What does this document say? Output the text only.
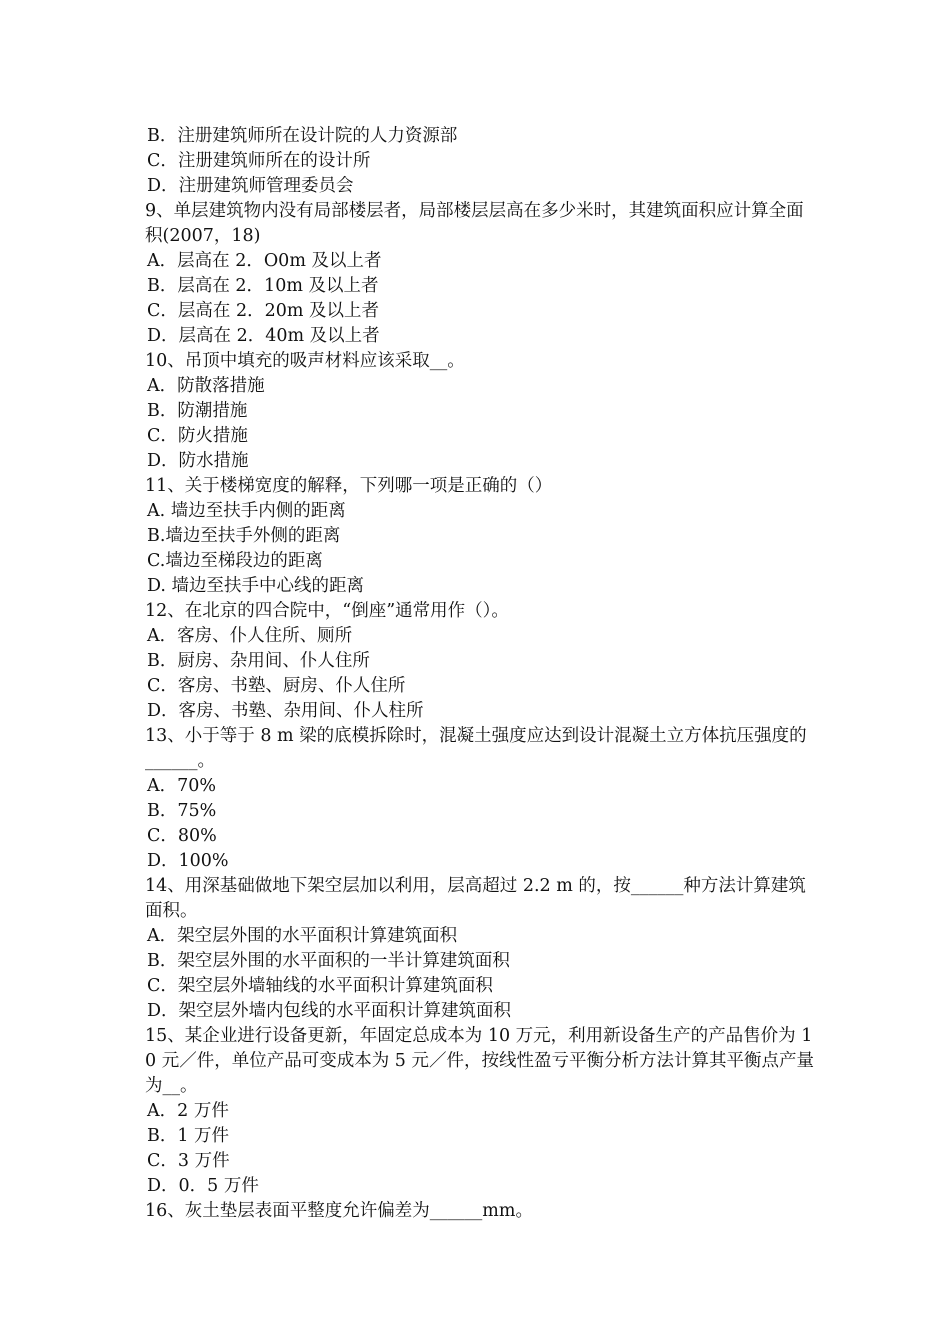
B．注册建筑师所在设计院的人力资源部
C．注册建筑师所在的设计所
D．注册建筑师管理委员会
9、单层建筑物内没有局部楼层者，局部楼层层高在多少米时，其建筑面积应计算全面积(2007，18)
A．层高在 2．O0m 及以上者
B．层高在 2．10m 及以上者
C．层高在 2．20m 及以上者
D．层高在 2．40m 及以上者
10、吊顶中填充的吸声材料应该采取__。
A．防散落措施
B．防潮措施
C．防火措施
D．防水措施
11、关于楼梯宽度的解释，下列哪一项是正确的（）
A. 墙边至扶手内侧的距离
B.墙边至扶手外侧的距离
C.墙边至梯段边的距离
D. 墙边至扶手中心线的距离
12、在北京的四合院中，“倒座”通常用作（）。
A．客房、仆人住所、厕所
B．厨房、杂用间、仆人住所
C．客房、书塾、厨房、仆人住所
D．客房、书塾、杂用间、仆人柱所
13、小于等于 8 m 梁的底模拆除时，混凝土强度应达到设计混凝土立方体抗压强度的______。
A．70%
B．75%
C．80%
D．100%
14、用深基础做地下架空层加以利用，层高超过 2.2 m 的，按______种方法计算建筑面积。
A．架空层外围的水平面积计算建筑面积
B．架空层外围的水平面积的一半计算建筑面积
C．架空层外墙轴线的水平面积计算建筑面积
D．架空层外墙内包线的水平面积计算建筑面积
15、某企业进行设备更新，年固定总成本为 10 万元，利用新设备生产的产品售价为 10 元／件，单位产品可变成本为 5 元／件，按线性盈亏平衡分析方法计算其平衡点产量为__。
A．2 万件
B．1 万件
C．3 万件
D．0．5 万件
16、灰土垫层表面平整度允许偏差为______mm。
